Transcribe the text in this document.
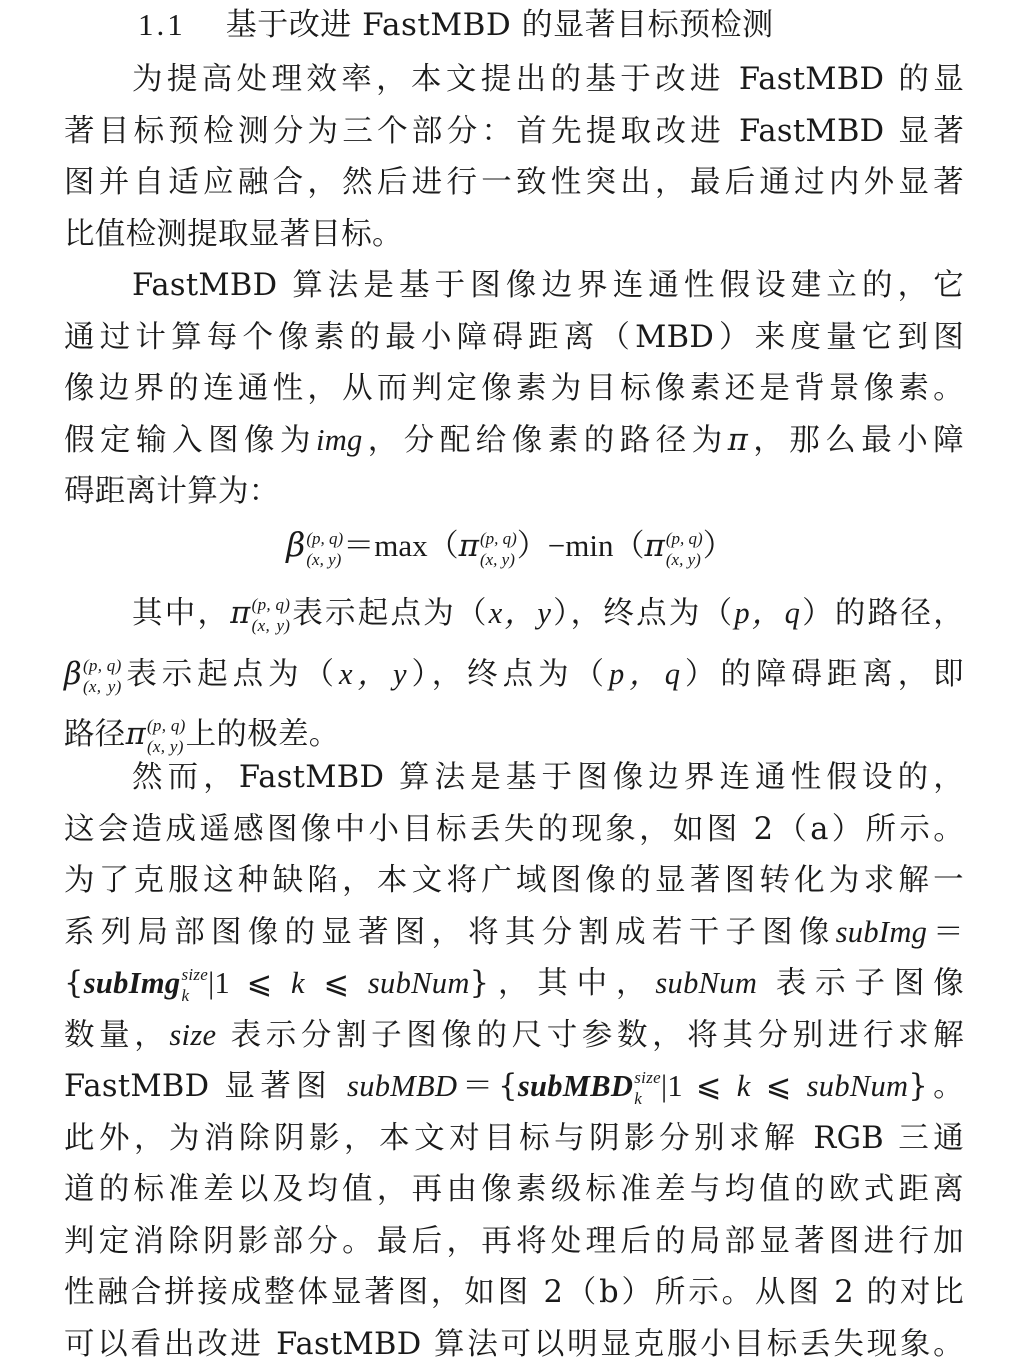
1.1 基于改进 FastMBD 的显著目标预检测
为提高处理效率，本文提出的基于改进 FastMBD 的显
著目标预检测分为三个部分：首先提取改进 FastMBD 显著
图并自适应融合，然后进行一致性突出，最后通过内外显著
比值检测提取显著目标。
FastMBD 算法是基于图像边界连通性假设建立的，它
通过计算每个像素的最小障碍距离（MBD）来度量它到图
像边界的连通性，从而判定像素为目标像素还是背景像素。
假定输入图像为img，分配给像素的路径为π，那么最小障
碍距离计算为：
β (p, q)
(x, y) ＝max（π (p, q)
(x, y) ）−min（π (p, q)
(x, y) ）
其中，π (p, q)
(x, y) 表示起点为（x，y），终点为（p，q）的路径，
β (p, q)
(x, y) 表示起点为（x，y），终点为（p，q）的障碍距离，即
路径π (p, q)
(x, y) 上的极差。
然而，FastMBD 算法是基于图像边界连通性假设的，
这会造成遥感图像中小目标丢失的现象，如图 2（a）所示。
为了克服这种缺陷，本文将广域图像的显著图转化为求解一
系列局部图像的显著图，将其分割成若干子图像subImg＝
{subImg size
k |1 ⩽ k ⩽ subNum}，其中，subNum 表示子图像
数量，size 表示分割子图像的尺寸参数，将其分别进行求解
FastMBD 显著图 subMBD＝{subMBD size
k |1 ⩽ k ⩽ subNum}。
此外，为消除阴影，本文对目标与阴影分别求解 RGB 三通
道的标准差以及均值，再由像素级标准差与均值的欧式距离
判定消除阴影部分。最后，再将处理后的局部显著图进行加
性融合拼接成整体显著图，如图 2（b）所示。从图 2 的对比
可以看出改进 FastMBD 算法可以明显克服小目标丢失现象。
